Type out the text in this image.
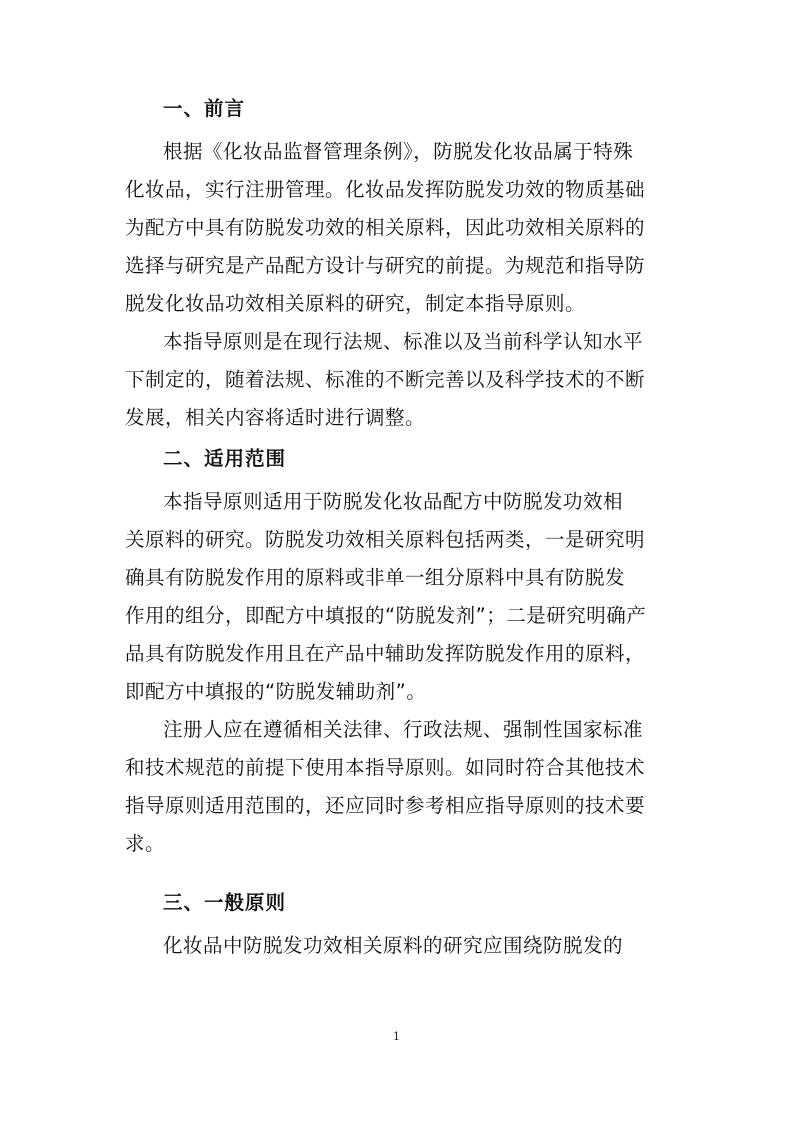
一、前言
根据《化妆品监督管理条例》，防脱发化妆品属于特殊
化妆品，实行注册管理。化妆品发挥防脱发功效的物质基础
为配方中具有防脱发功效的相关原料，因此功效相关原料的
选择与研究是产品配方设计与研究的前提。为规范和指导防
脱发化妆品功效相关原料的研究，制定本指导原则。
本指导原则是在现行法规、标准以及当前科学认知水平
下制定的，随着法规、标准的不断完善以及科学技术的不断
发展，相关内容将适时进行调整。
二、适用范围
本指导原则适用于防脱发化妆品配方中防脱发功效相
关原料的研究。防脱发功效相关原料包括两类，一是研究明
确具有防脱发作用的原料或非单一组分原料中具有防脱发
作用的组分，即配方中填报的“防脱发剂”；二是研究明确产
品具有防脱发作用且在产品中辅助发挥防脱发作用的原料，
即配方中填报的“防脱发辅助剂”。
注册人应在遵循相关法律、行政法规、强制性国家标准
和技术规范的前提下使用本指导原则。如同时符合其他技术
指导原则适用范围的，还应同时参考相应指导原则的技术要
求。
三、一般原则
化妆品中防脱发功效相关原料的研究应围绕防脱发的
1
